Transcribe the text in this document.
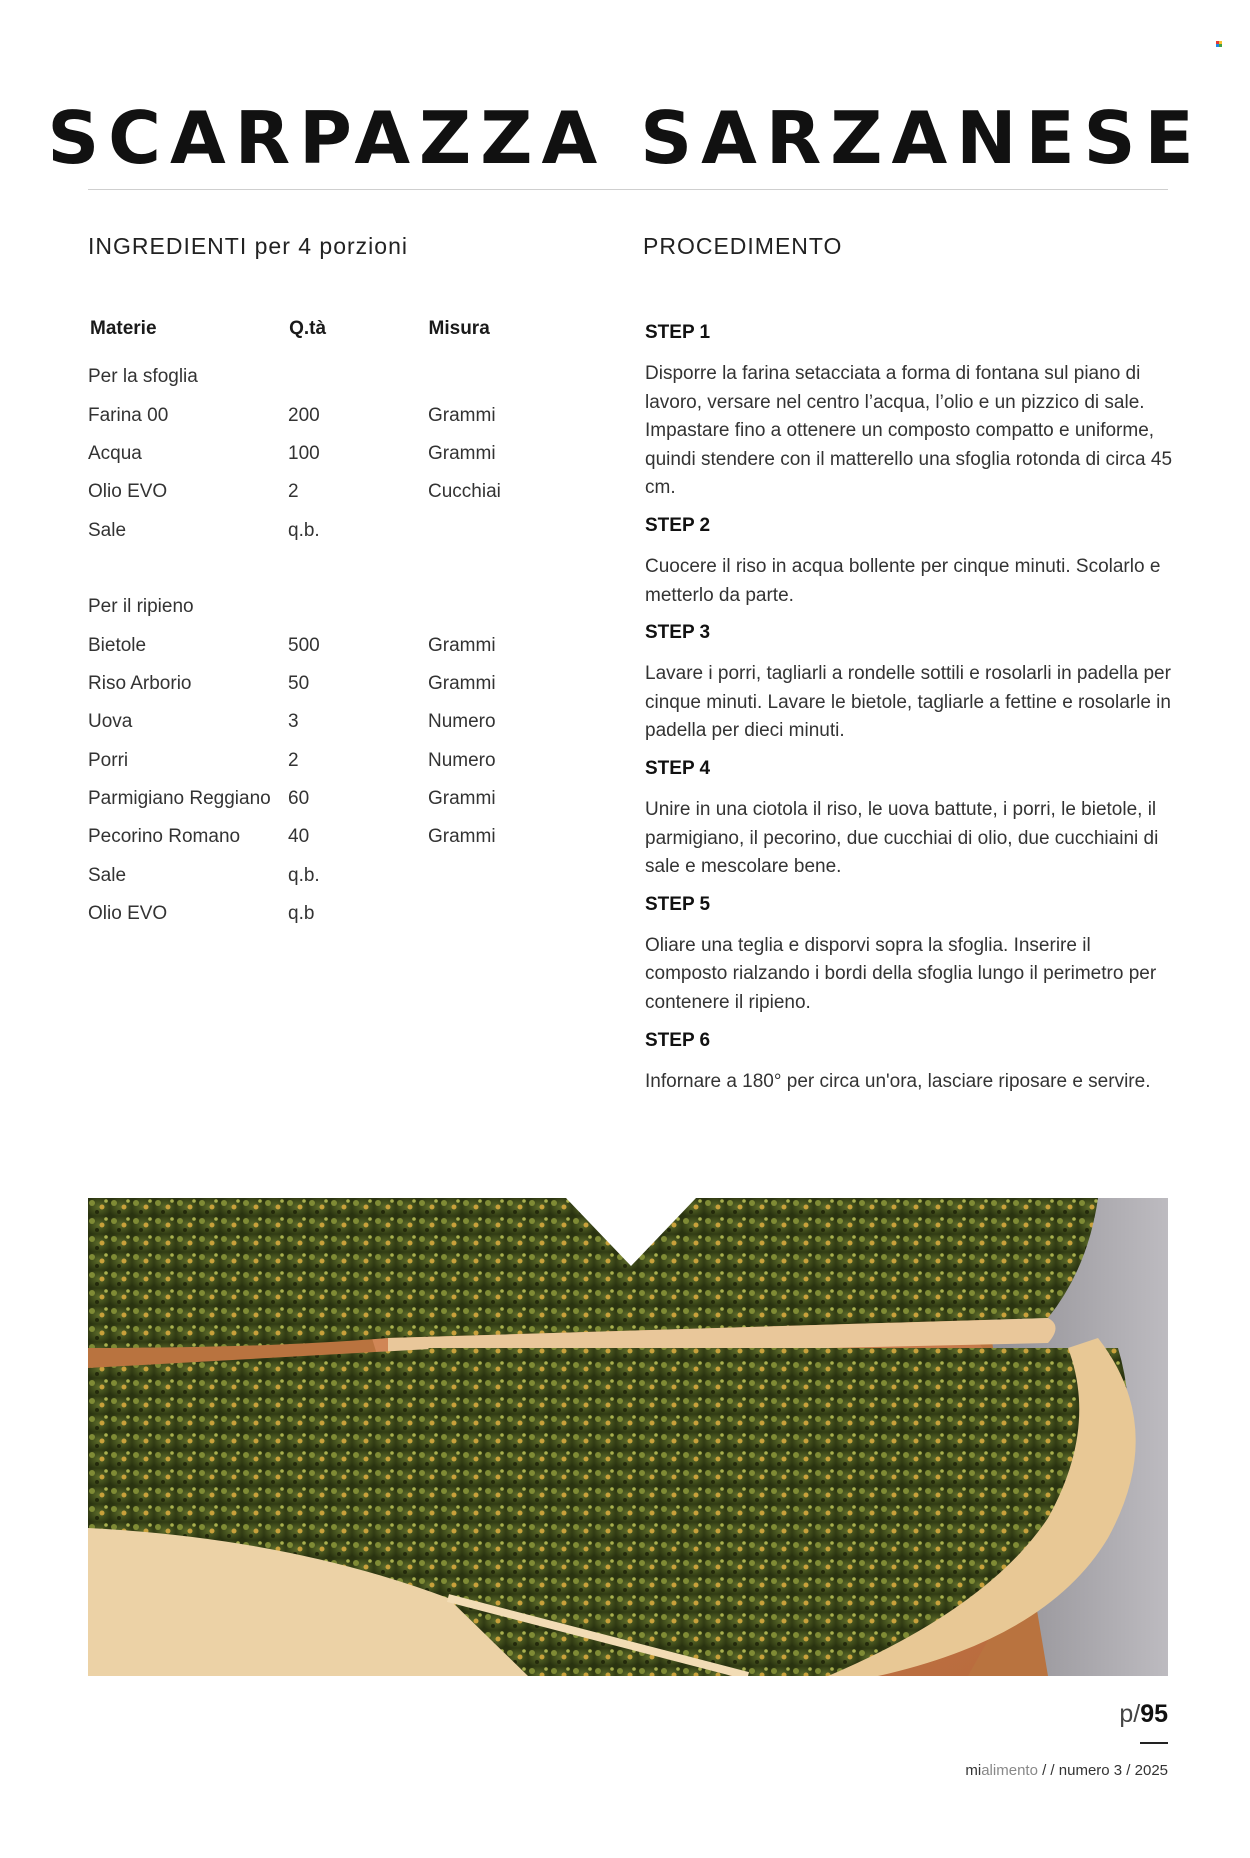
SCARPAZZA SARZANESE
INGREDIENTI per 4 porzioni	PROCEDIMENTO
Materie	Q.tà	Misura
Per la sfoglia
Farina 00	200	Grammi
Acqua	100	Grammi
Olio EVO	2	Cucchiai
Sale	q.b.
Per il ripieno
Bietole	500	Grammi
Riso Arborio	50	Grammi
Uova	3	Numero
Porri	2	Numero
Parmigiano Reggiano 60	Grammi
Pecorino Romano	40	Grammi
Sale	q.b.
Olio EVO	q.b
STEP 1
Disporre la farina setacciata a forma di fontana sul piano di lavoro, versare nel centro l’acqua, l’olio e un pizzico di sale. Impastare fino a ottenere un composto compatto e uniforme, quindi stendere con il matterello una sfoglia rotonda di circa 45 cm.
STEP 2
Cuocere il riso in acqua bollente per cinque minuti. Scolarlo e metterlo da parte.
STEP 3
Lavare i porri, tagliarli a rondelle sottili e rosolarli in padella per cinque minuti. Lavare le bietole, tagliarle a fettine e rosolarle in padella per dieci minuti.
STEP 4
Unire in una ciotola il riso, le uova battute, i porri, le bietole, il parmigiano, il pecorino, due cucchiai di olio, due cucchiaini di sale e mescolare bene.
STEP 5
Oliare una teglia e disporvi sopra la sfoglia. Inserire il composto rialzando i bordi della sfoglia lungo il perimetro per contenere il ripieno.
STEP 6
Infornare a 180° per circa un'ora, lasciare riposare e servire.
p/95
mialimento / / numero 3 / 2025
